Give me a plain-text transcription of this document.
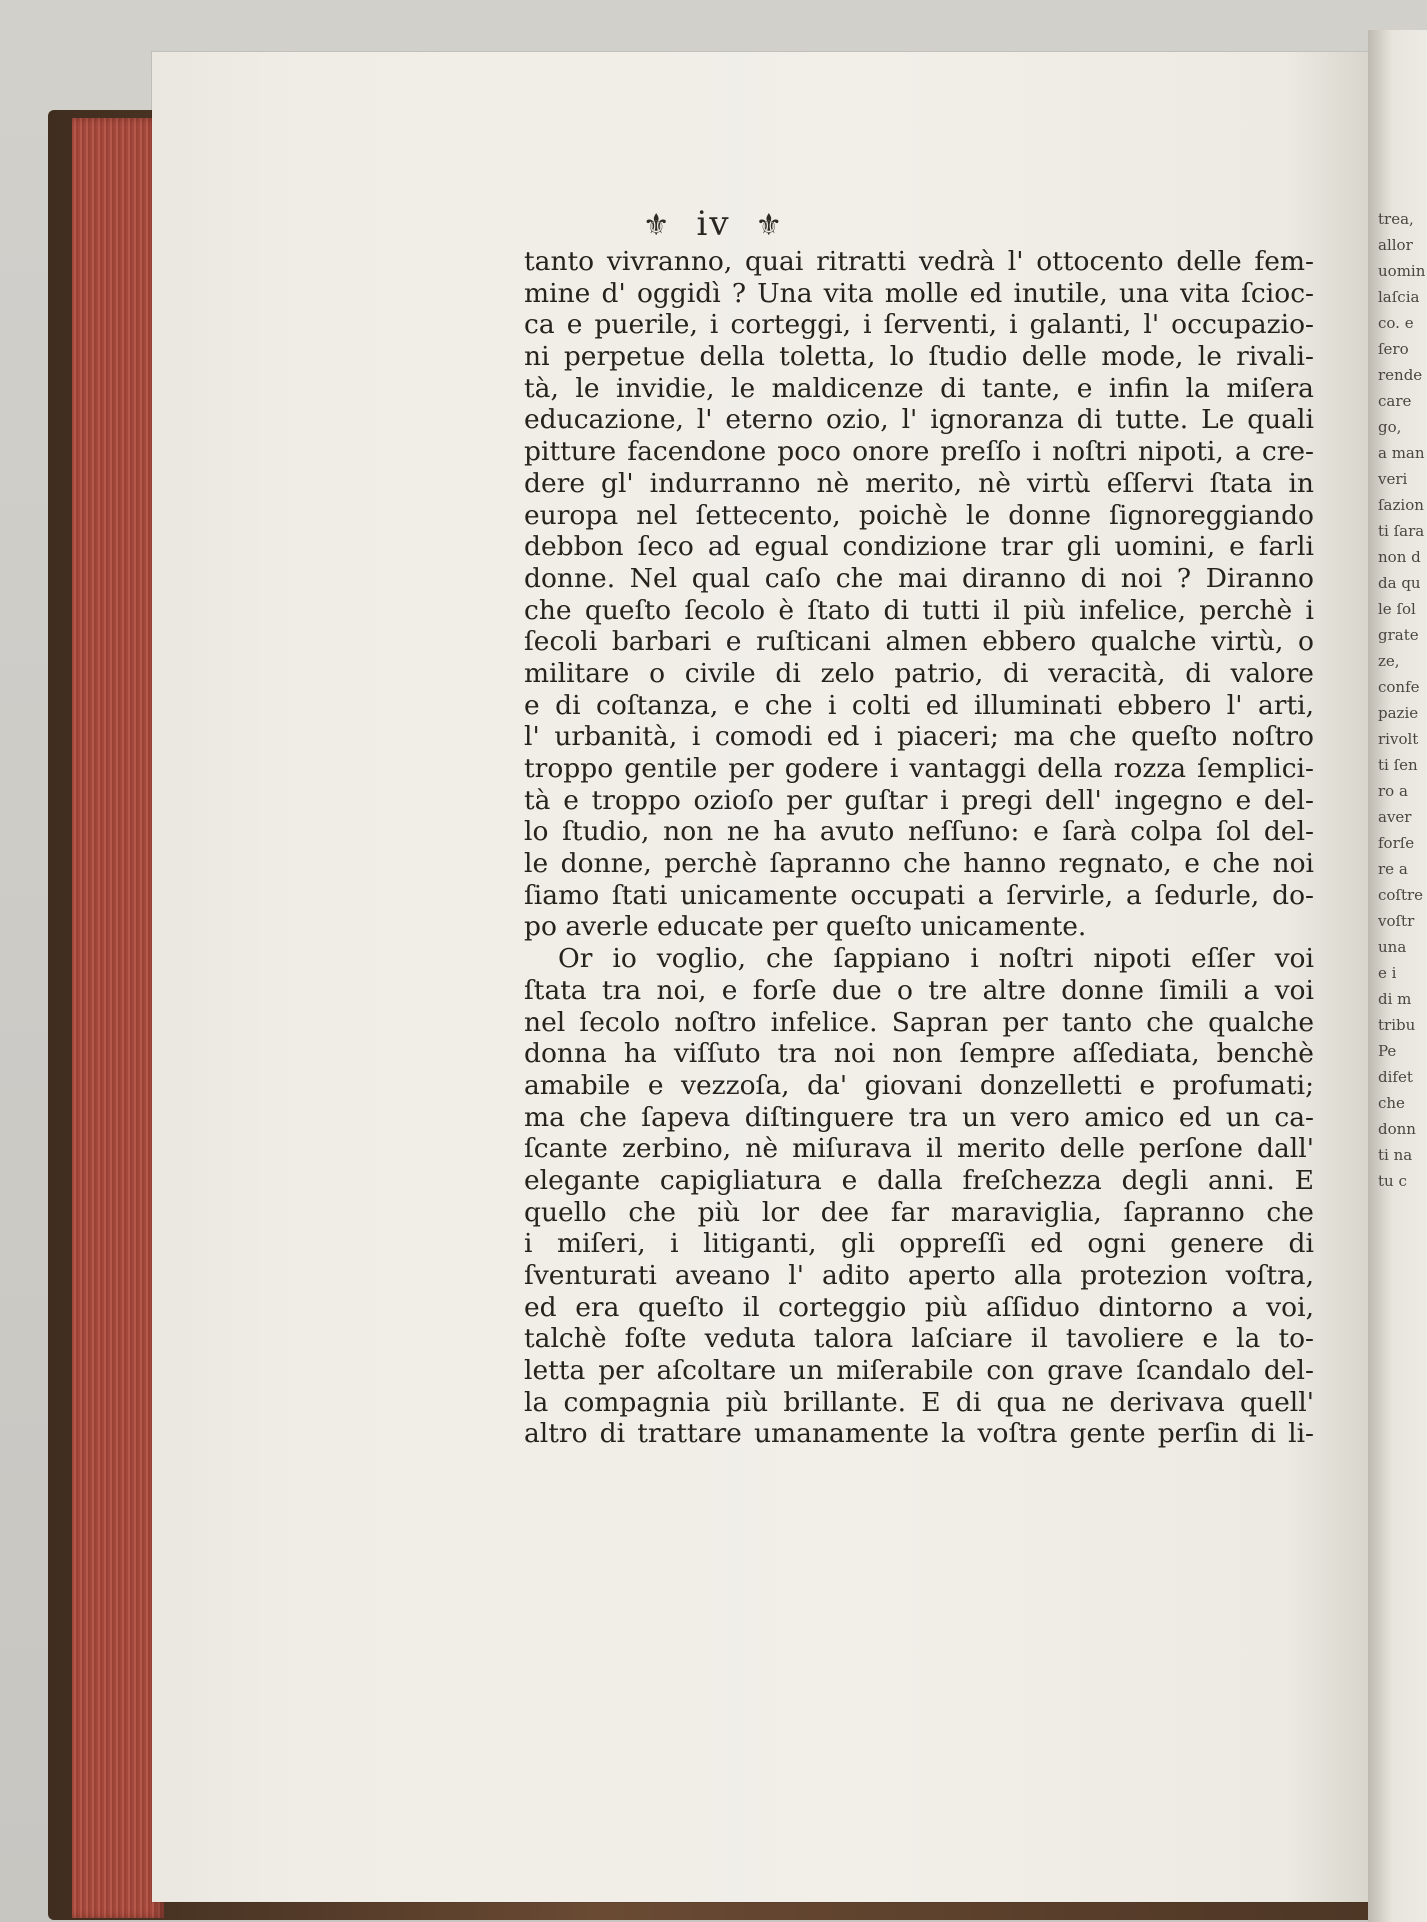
trea,
allor
uomin
laſcia
co. e
ſero
rende
care
go,
a man
veri
ſazion
ti ſara
non d
da qu
le ſol
grate
ze,
confe
pazie
rivolt
ti ſen
ro a
aver
forſe
re a
coſtre
voſtr
una
e i
di m
tribu
Pe
difet
che
donn
ti na
tu c
⚜ iv ⚜
tanto vivranno, quai ritratti vedrà l' ottocento delle fem-
mine d' oggidì ? Una vita molle ed inutile, una vita ſciοc-
ca e puerile, i corteggi, i ſerventi, i galanti, l' occupazio-
ni perpetue della toletta, lo ſtudio delle mode, le rivali-
tà, le invidie, le maldicenze di tante, e infin la miſera
educazione, l' eterno ozio, l' ignoranza di tutte. Le quali
pitture facendone poco onore preſſo i noſtri nipoti, a cre-
dere gl' indurranno nè merito, nè virtù eſſervi ſtata in
europa nel ſettecento, poichè le donne ſignoreggiando
debbon ſeco ad egual condizione trar gli uomini, e farli
donne. Nel qual caſo che mai diranno di noi ? Diranno
che queſto ſecolo è ſtato di tutti il più infelice, perchè i
ſecoli barbari e ruſticani almen ebbero qualche virtù, o
militare o civile di zelo patrio, di veracità, di valore
e di coſtanza, e che i colti ed illuminati ebbero l' arti,
l' urbanità, i comodi ed i piaceri; ma che queſto noſtro
troppo gentile per godere i vantaggi della rozza ſemplici-
tà e troppo ozioſo per guſtar i pregi dell' ingegno e del-
lo ſtudio, non ne ha avuto neſſuno: e ſarà colpa ſol del-
le donne, perchè ſapranno che hanno regnato, e che noi
ſiamo ſtati unicamente occupati a ſervirle, a ſedurle, do-
po averle educate per queſto unicamente.
Or io voglio, che ſappiano i noſtri nipoti eſſer voi
ſtata tra noi, e forſe due o tre altre donne ſimili a voi
nel ſecolo noſtro infelice. Sapran per tanto che qualche
donna ha viſſuto tra noi non ſempre aſſediata, benchè
amabile e vezzoſa, da' giovani donzelletti e profumati;
ma che ſapeva diſtinguere tra un vero amico ed un ca-
ſcante zerbino, nè miſurava il merito delle perſone dall'
elegante capigliatura e dalla freſchezza degli anni. E
quello che più lor dee far maraviglia, ſapranno che
i miſeri, i litiganti, gli oppreſſi ed ogni genere di
ſventurati aveano l' adito aperto alla protezion voſtra,
ed era queſto il corteggio più aſſiduo dintorno a voi,
talchè foſte veduta talora laſciare il tavoliere e la to-
letta per aſcoltare un miſerabile con grave ſcandalo del-
la compagnia più brillante. E di qua ne derivava quell'
altro di trattare umanamente la voſtra gente perſin di li-
